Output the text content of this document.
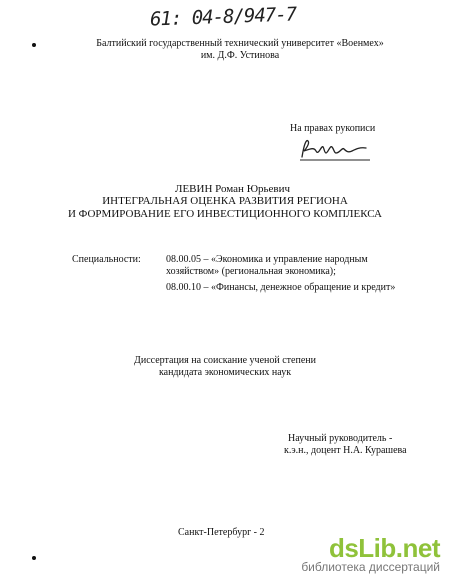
61: 04-8/947-7
Балтийский государственный технический университет «Военмех»
им. Д.Ф. Устинова
На правах рукописи
ЛЕВИН Роман Юрьевич
ИНТЕГРАЛЬНАЯ ОЦЕНКА РАЗВИТИЯ РЕГИОНА
И ФОРМИРОВАНИЕ ЕГО ИНВЕСТИЦИОННОГО КОМПЛЕКСА
Специальности:	08.00.05 – «Экономика и управление народным
хозяйством» (региональная экономика);
08.00.10 – «Финансы, денежное обращение и кредит»
Диссертация на соискание ученой степени
кандидата экономических наук
Научный руководитель -
к.э.н., доцент Н.А. Курашева
Санкт-Петербург - 2
dsLib.net
библиотека диссертаций
